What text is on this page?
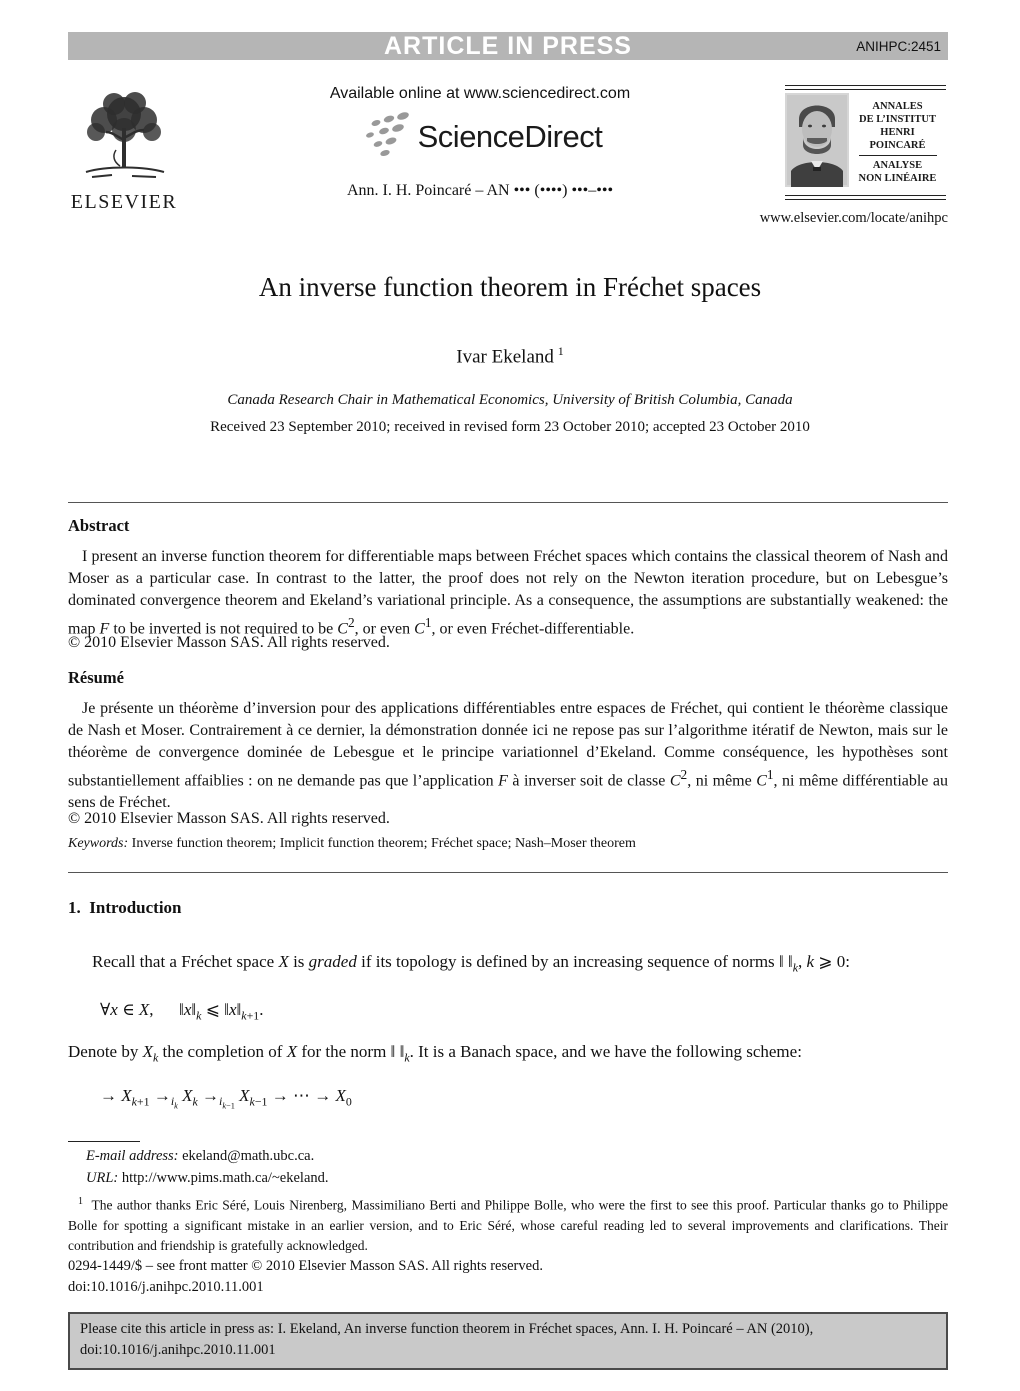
ARTICLE IN PRESS	ANIHPC:2451
ELSEVIER
Available online at www.sciencedirect.com
ScienceDirect
Ann. I. H. Poincaré – AN ••• (••••) •••–•••
ANNALES
DE L’INSTITUT
HENRI
POINCARÉ
ANALYSE
NON LINÉAIRE
www.elsevier.com/locate/anihpc
An inverse function theorem in Fréchet spaces
Ivar Ekeland $^1$
Canada Research Chair in Mathematical Economics, University of British Columbia, Canada
Received 23 September 2010; received in revised form 23 October 2010; accepted 23 October 2010
Abstract
I present an inverse function theorem for differentiable maps between Fréchet spaces which contains the classical theorem of Nash and Moser as a particular case. In contrast to the latter, the proof does not rely on the Newton iteration procedure, but on Lebesgue’s dominated convergence theorem and Ekeland’s variational principle. As a consequence, the assumptions are substantially weakened: the map F to be inverted is not required to be $C^2$, or even $C^1$, or even Fréchet-differentiable.
© 2010 Elsevier Masson SAS. All rights reserved.
Résumé
Je présente un théorème d’inversion pour des applications différentiables entre espaces de Fréchet, qui contient le théorème classique de Nash et Moser. Contrairement à ce dernier, la démonstration donnée ici ne repose pas sur l’algorithme itératif de Newton, mais sur le théorème de convergence dominée de Lebesgue et le principe variationnel d’Ekeland. Comme conséquence, les hypothèses sont substantiellement affaiblies : on ne demande pas que l’application F à inverser soit de classe $C^2$, ni même $C^1$, ni même différentiable au sens de Fréchet.
© 2010 Elsevier Masson SAS. All rights reserved.
Keywords: Inverse function theorem; Implicit function theorem; Fréchet space; Nash–Moser theorem
1.  Introduction
Recall that a Fréchet space X is graded if its topology is defined by an increasing sequence of norms ‖ $‖_k$, k ⩾ 0:
∀x ∈ X,   $‖x‖_k$ ⩽ $‖x‖_{k+1}$.
Denote by $X_k$ the completion of X for the norm ‖ $‖_k$. It is a Banach space, and we have the following scheme:
→ $X_{k+1} \to_{i_k}$ $X_k \to_{i_{k-1}}$ $X_{k-1}$ → ⋯ → $X_0$
E-mail address: ekeland@math.ubc.ca.
URL: http://www.pims.math.ca/~ekeland.
$^1$  The author thanks Eric Séré, Louis Nirenberg, Massimiliano Berti and Philippe Bolle, who were the first to see this proof. Particular thanks go to Philippe Bolle for spotting a significant mistake in an earlier version, and to Eric Séré, whose careful reading led to several improvements and clarifications. Their contribution and friendship is gratefully acknowledged.
0294-1449/$ – see front matter © 2010 Elsevier Masson SAS. All rights reserved.
doi:10.1016/j.anihpc.2010.11.001
Please cite this article in press as: I. Ekeland, An inverse function theorem in Fréchet spaces, Ann. I. H. Poincaré – AN (2010), doi:10.1016/j.anihpc.2010.11.001
